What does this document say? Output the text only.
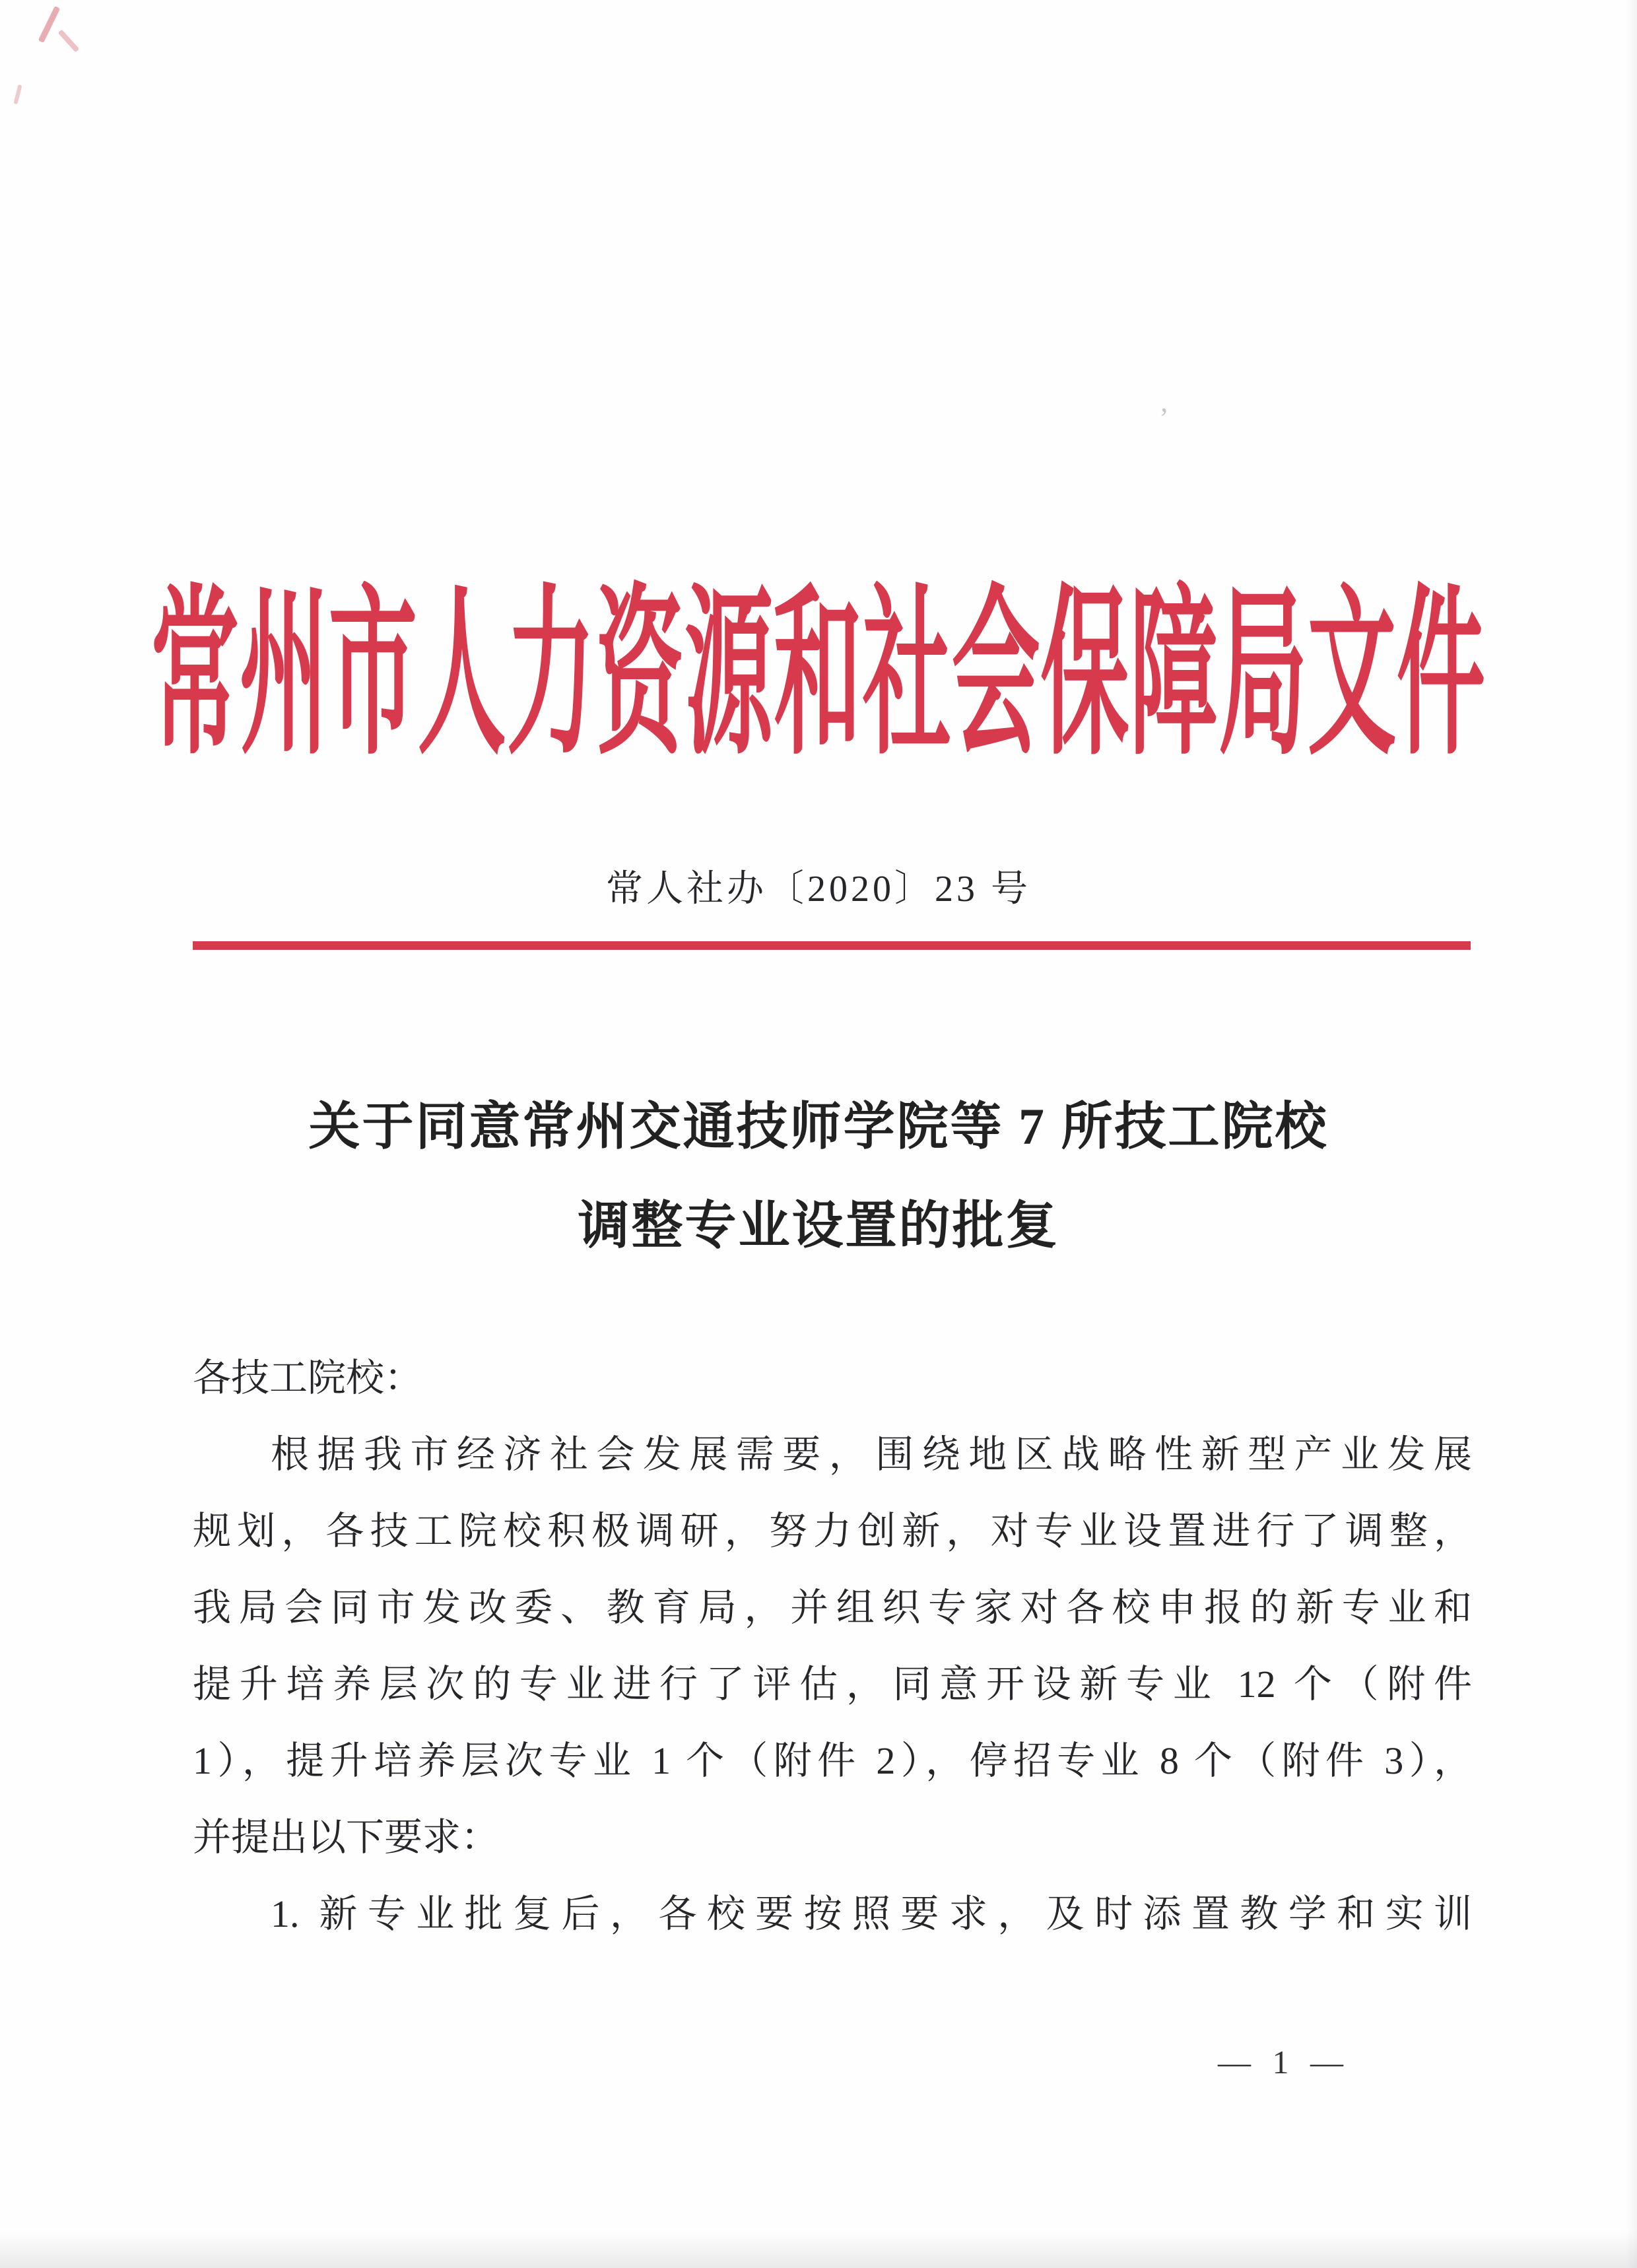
’
常州市人力资源和社会保障局文件
常人社办〔2020〕23 号
关于同意常州交通技师学院等 7 所技工院校
调整专业设置的批复
各技工院校：
根据我市经济社会发展需要，围绕地区战略性新型产业发展
规划，各技工院校积极调研，努力创新，对专业设置进行了调整，
我局会同市发改委、教育局，并组织专家对各校申报的新专业和
提升培养层次的专业进行了评估，同意开设新专业 12 个（附件
1），提升培养层次专业 1 个（附件 2），停招专业 8 个（附件 3），
并提出以下要求：
1. 新专业批复后，各校要按照要求，及时添置教学和实训
— 1 —
